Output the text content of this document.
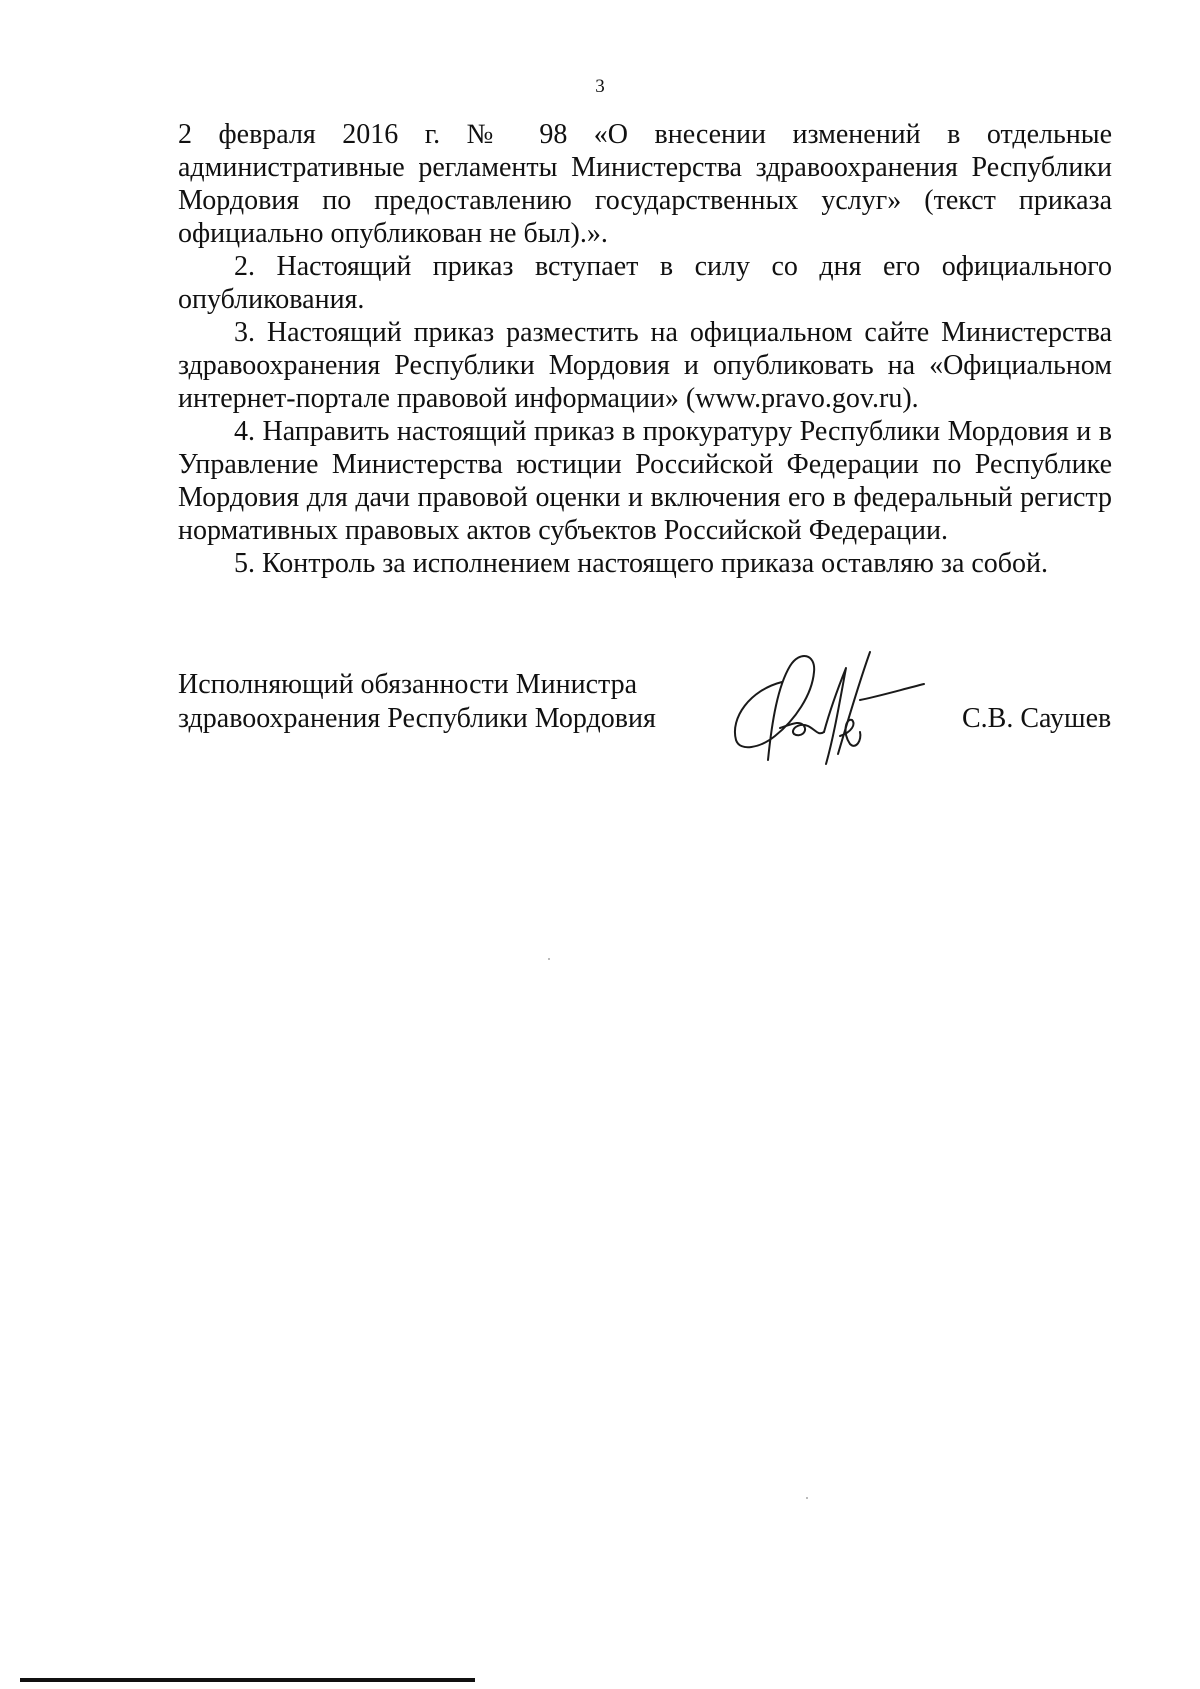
3

2 февраля 2016 г. № 98 «О внесении изменений в отдельные административные регламенты Министерства здравоохранения Республики Мордовия по предоставлению государственных услуг» (текст приказа официально опубликован не был).».

2. Настоящий приказ вступает в силу со дня его официального опубликования.

3. Настоящий приказ разместить на официальном сайте Министерства здравоохранения Республики Мордовия и опубликовать на «Официальном интернет-портале правовой информации» (www.pravo.gov.ru).

4. Направить настоящий приказ в прокуратуру Республики Мордовия и в Управление Министерства юстиции Российской Федерации по Республике Мордовия для дачи правовой оценки и включения его в федеральный регистр нормативных правовых актов субъектов Российской Федерации.

5. Контроль за исполнением настоящего приказа оставляю за собой.

Исполняющий обязанности Министра
здравоохранения Республики Мордовия	С.В. Саушев
